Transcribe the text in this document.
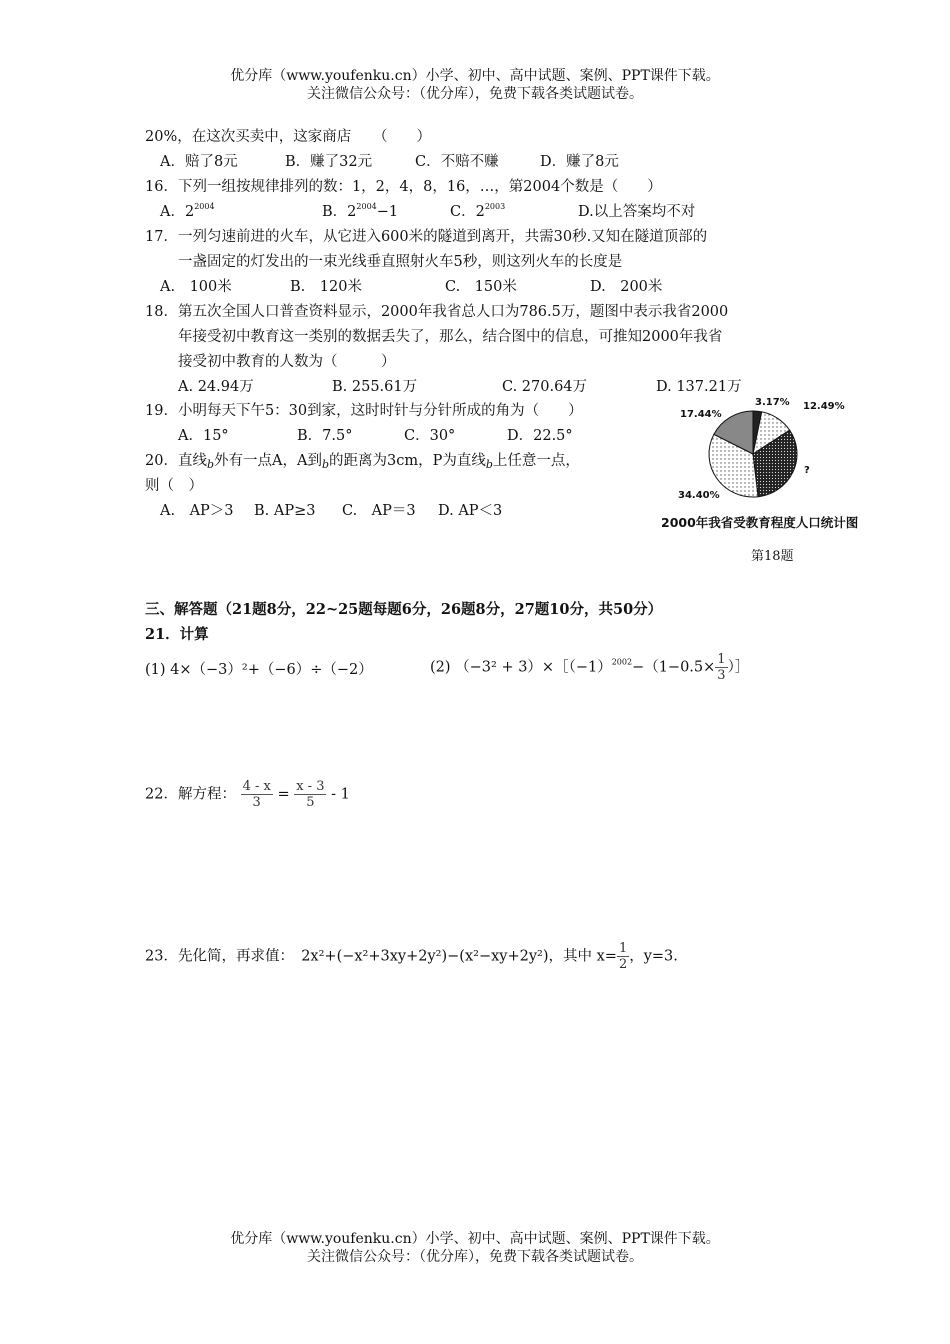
优分库（www.youfenku.cn）小学、初中、高中试题、案例、PPT课件下载。
关注微信公众号：（优分库），免费下载各类试题试卷。
20%，在这次买卖中，这家商店　　（　　）
A．赔了8元	B．赚了32元	C．不赔不赚	D．赚了8元
16．下列一组按规律排列的数：1，2，4，8，16，…，第2004个数是（　　）
A．$2^{2004}$	B．$2^{2004}-1$	C．$2^{2003}$	D.以上答案均不对
17．一列匀速前进的火车，从它进入600米的隧道到离开，共需30秒.又知在隧道顶部的
一盏固定的灯发出的一束光线垂直照射火车5秒，则这列火车的长度是
A.　100米	B.　120米	C.　150米	D.　200米
18．第五次全国人口普查资料显示，2000年我省总人口为786.5万，题图中表示我省2000
年接受初中教育这一类别的数据丢失了，那么，结合图中的信息，可推知2000年我省
接受初中教育的人数为（　　　）
A. 24.94万	B. 255.61万	C. 270.64万	D. 137.21万
19．小明每天下午5：30到家，这时时针与分针所成的角为（　　）
A．15°	B．7.5°	C．30°	D．22.5°
20．直线$_b$外有一点A，A到$_b$的距离为3cm，P为直线$_b$上任意一点，
则（　）
A.　AP＞3 B. AP≥3 C.　AP＝3 D. AP＜3
3.17% 12.49%
17.44%
?
34.40%
2000年我省受教育程度人口统计图
第18题
三、解答题（21题8分，22~25题每题6分，26题8分，27题10分，共50分）
21．计算
(1) 4×（−3）²+（−6）÷（−2）	(2) $(-3^2 + 3)\times[(-1)^{2002}-(1-0.5\times \frac{1}{3}$ ）］
22．解方程： $\frac{4 - x}{3} = \frac{x - 3}{5} - 1$
23．先化简，再求值：　2x²+(−x²+3xy+2y²)−(x²−xy+2y²)，其中 $x= \frac{1}{2}$ ，y=3.
优分库（www.youfenku.cn）小学、初中、高中试题、案例、PPT课件下载。
关注微信公众号：（优分库），免费下载各类试题试卷。
